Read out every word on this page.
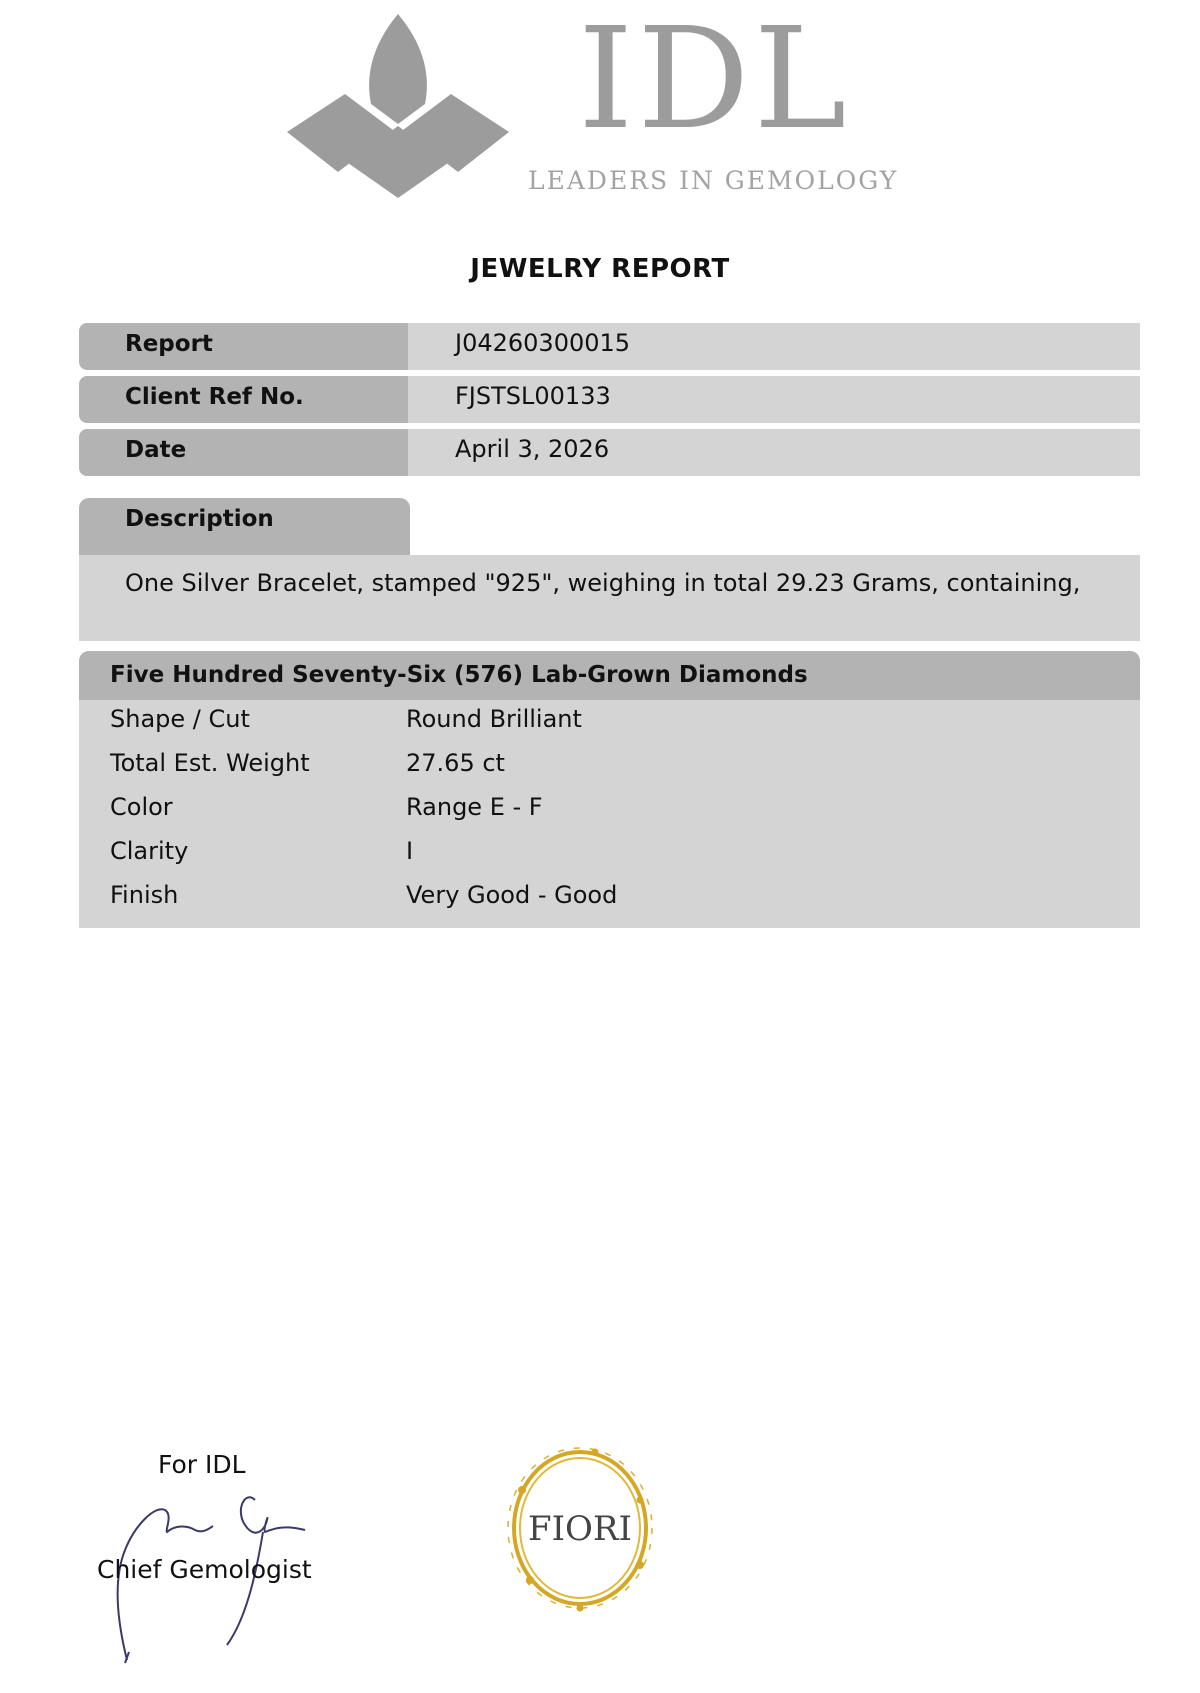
IDL
LEADERS IN GEMOLOGY
JEWELRY REPORT
Report	J04260300015
Client Ref No.	FJSTSL00133
Date	April 3, 2026
Description
One Silver Bracelet, stamped "925", weighing in total 29.23 Grams, containing,
Five Hundred Seventy-Six (576) Lab-Grown Diamonds
Shape / Cut	Round Brilliant
Total Est. Weight	27.65 ct
Color	Range E - F
Clarity	I
Finish	Very Good - Good
For IDL
Chief Gemologist
FIORI
